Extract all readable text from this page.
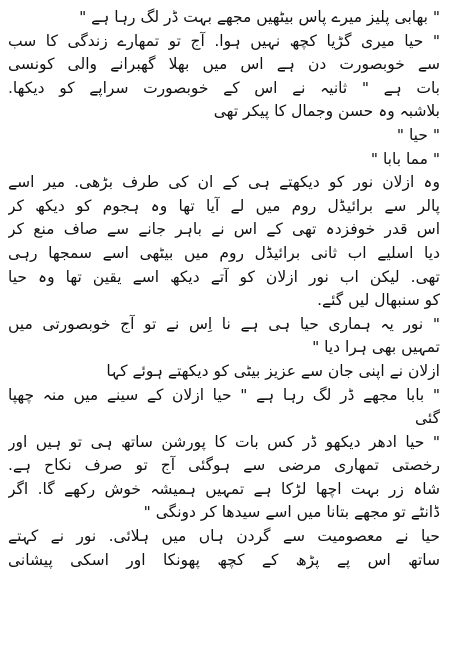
" بھابی پلیز میرے پاس بیٹھیں مجھے بہت ڈر لگ رہا ہے "
" حیا میری گڑیا کچھ نہیں ہوا. آج تو تمھارے زندگی کا سب
سے خوبصورت دن ہے اس میں بھلا گھبرانے والی کونسی
بات ہے " ثانیہ نے اس کے خوبصورت سراپے کو دیکھا.
بلاشبہ وہ حسن وجمال کا پیکر تھی
" حیا "
" مما بابا "
وہ ازلان نور کو دیکھتے ہی کے ان کی طرف بڑھی. میر اسے
پالر سے برائیڈل روم میں لے آیا تھا وہ ہجوم کو دیکھ کر
اس قدر خوفزدہ تھی کے اس نے باہر جانے سے صاف منع کر
دیا اسلیے اب ثانی برائیڈل روم میں بیٹھی اسے سمجھا رہی
تھی. لیکن اب نور ازلان کو آتے دیکھ اسے یقین تھا وہ حیا
کو سنبھال لیں گئے.
" نور یہ ہماری حیا ہی ہے نا اِس نے تو آج خوبصورتی میں
تمہیں بھی ہرا دیا "
ازلان نے اپنی جان سے عزیز بیٹی کو دیکھتے ہوئے کہا
" بابا مجھے ڈر لگ رہا ہے " حیا ازلان کے سینے میں منہ چھپا
گئی
" حیا ادھر دیکھو ڈر کس بات کا پورشن ساتھ ہی تو ہیں اور
رخصتی تمھاری مرضی سے ہوگئی آج تو صرف نکاح ہے.
شاہ زر بہت اچھا لڑکا ہے تمہیں ہمیشہ خوش رکھے گا. اگر
ڈانٹے تو مجھے بتانا میں اسے سیدھا کر دونگی "
حیا نے معصومیت سے گردن ہاں میں ہلائی. نور نے کہتے
ساتھ اس پے پڑھ کے کچھ پھونکا اور اسکی پیشانی
